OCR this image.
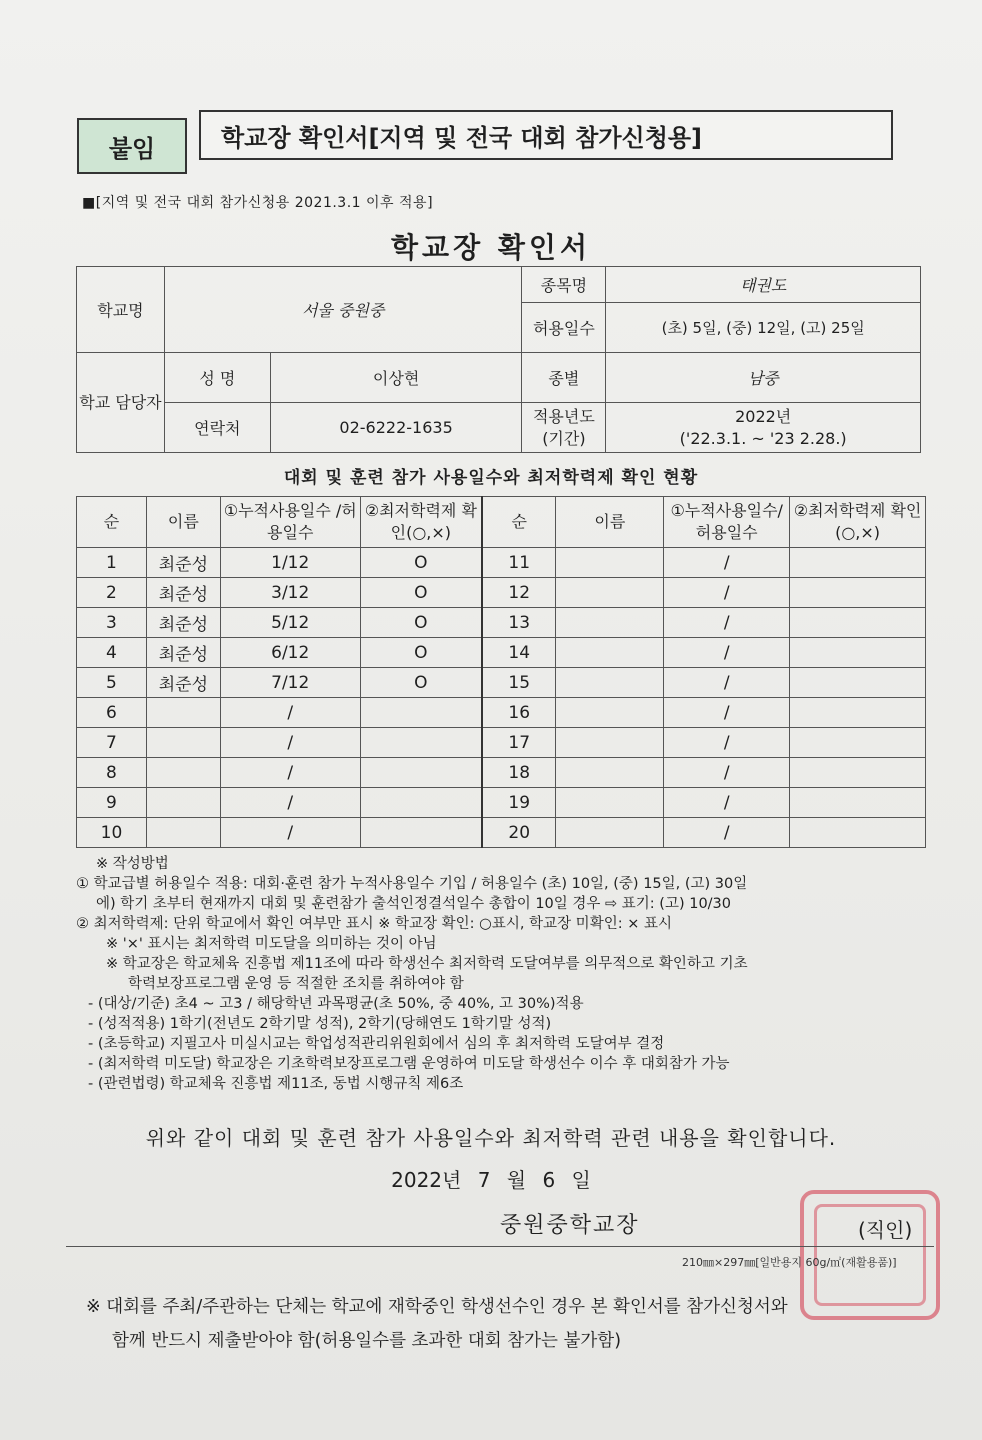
붙임	학교장 확인서[지역 및 전국 대회 참가신청용]
■[지역 및 전국 대회 참가신청용 2021.3.1 이후 적용]
학교장 확인서
학교명	서울 중원중		종목명	태권도
			허용일수	(초) 5일, (중) 12일, (고) 25일
학교 담당자	성 명	이상현	종별	남중
	연락처	02-6222-1635	적용년도 (기간)	2022년
('22.3.1. ~ '23 2.28.)
대회 및 훈련 참가 사용일수와 최저학력제 확인 현황
순	이름	①누적사용일수 /허용일수	②최저학력제 확인(○,×)	순	이름	①누적사용일수/ 허용일수	②최저학력제 확인(○,×)
1	최준성	1/12	O	11		/	
2	최준성	3/12	O	12		/	
3	최준성	5/12	O	13		/	
4	최준성	6/12	O	14		/	
5	최준성	7/12	O	15		/	
6		/		16		/	
7		/		17		/	
8		/		18		/	
9		/		19		/	
10		/		20		/	
※ 작성방법
① 학교급별 허용일수 적용: 대회·훈련 참가 누적사용일수 기입 / 허용일수 (초) 10일, (중) 15일, (고) 30일
에) 학기 초부터 현재까지 대회 및 훈련참가 출석인정결석일수 총합이 10일 경우 ⇨ 표기: (고) 10/30
② 최저학력제: 단위 학교에서 확인 여부만 표시 ※ 학교장 확인: ○표시, 학교장 미확인: × 표시
※ '×' 표시는 최저학력 미도달을 의미하는 것이 아님
※ 학교장은 학교체육 진흥법 제11조에 따라 학생선수 최저학력 도달여부를 의무적으로 확인하고 기초
학력보장프로그램 운영 등 적절한 조치를 취하여야 함
- (대상/기준) 초4 ~ 고3 / 해당학년 과목평균(초 50%, 중 40%, 고 30%)적용
- (성적적용) 1학기(전년도 2학기말 성적), 2학기(당해연도 1학기말 성적)
- (초등학교) 지필고사 미실시교는 학업성적관리위원회에서 심의 후 최저학력 도달여부 결정
- (최저학력 미도달) 학교장은 기초학력보장프로그램 운영하여 미도달 학생선수 이수 후 대회참가 가능
- (관련법령) 학교체육 진흥법 제11조, 동법 시행규칙 제6조
위와 같이 대회 및 훈련 참가 사용일수와 최저학력 관련 내용을 확인합니다.
2022년 7 월 6 일
중원중학교장	(직인)
210㎜×297㎜[일반용지 60g/㎡(재활용품)]
※ 대회를 주최/주관하는 단체는 학교에 재학중인 학생선수인 경우 본 확인서를 참가신청서와
함께 반드시 제출받아야 함(허용일수를 초과한 대회 참가는 불가함)
